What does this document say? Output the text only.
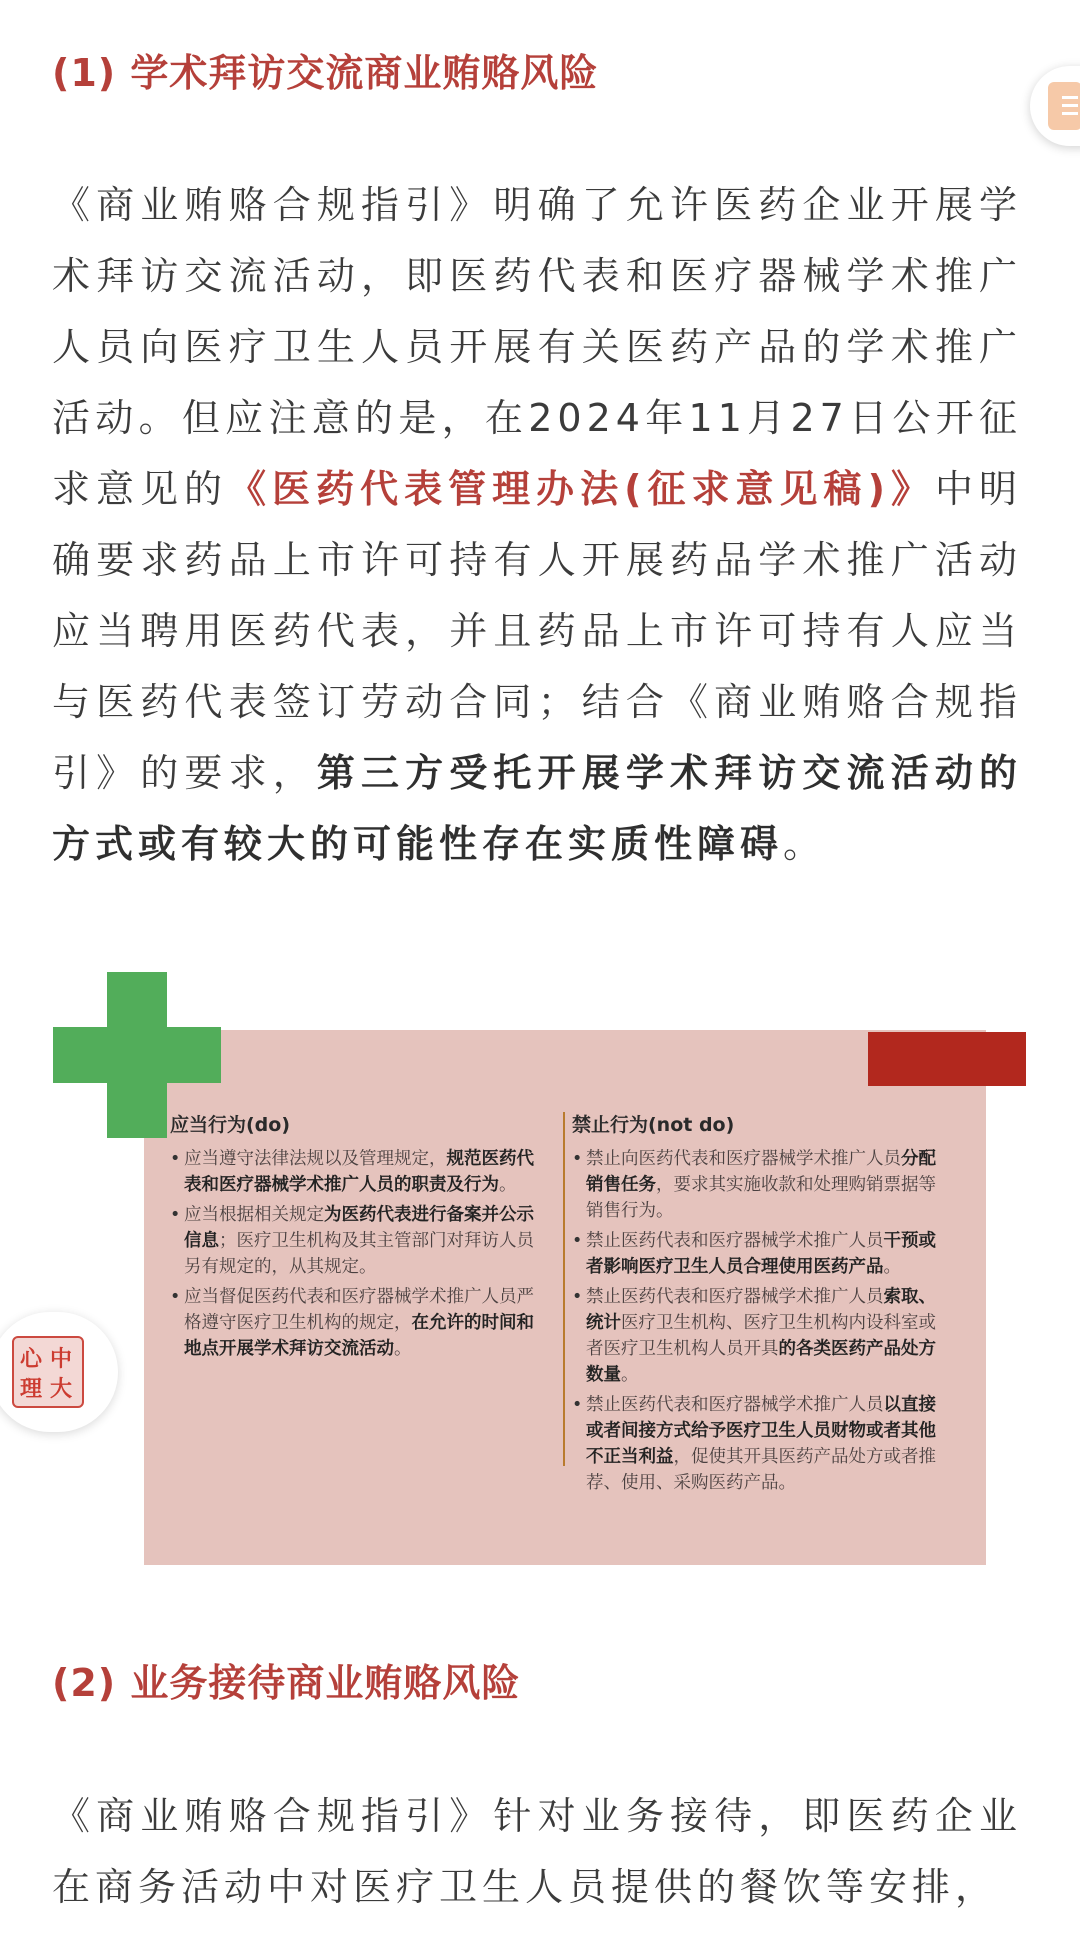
(1) 学术拜访交流商业贿赂风险
《商业贿赂合规指引》明确了允许医药企业开展学术拜访交流活动，即医药代表和医疗器械学术推广人员向医疗卫生人员开展有关医药产品的学术推广活动。但应注意的是，在2024年11月27日公开征求意见的《医药代表管理办法(征求意见稿)》中明确要求药品上市许可持有人开展药品学术推广活动应当聘用医药代表，并且药品上市许可持有人应当与医药代表签订劳动合同；结合《商业贿赂合规指引》的要求，第三方受托开展学术拜访交流活动的方式或有较大的可能性存在实质性障碍。
应当行为(do)
• 应当遵守法律法规以及管理规定，规范医药代表和医疗器械学术推广人员的职责及行为。
• 应当根据相关规定为医药代表进行备案并公示信息；医疗卫生机构及其主管部门对拜访人员另有规定的，从其规定。
• 应当督促医药代表和医疗器械学术推广人员严格遵守医疗卫生机构的规定，在允许的时间和地点开展学术拜访交流活动。
禁止行为(not do)
• 禁止向医药代表和医疗器械学术推广人员分配销售任务，要求其实施收款和处理购销票据等销售行为。
• 禁止医药代表和医疗器械学术推广人员干预或者影响医疗卫生人员合理使用医药产品。
• 禁止医药代表和医疗器械学术推广人员索取、统计医疗卫生机构、医疗卫生机构内设科室或者医疗卫生机构人员开具的各类医药产品处方数量。
• 禁止医药代表和医疗器械学术推广人员以直接或者间接方式给予医疗卫生人员财物或者其他不正当利益，促使其开具医药产品处方或者推荐、使用、采购医药产品。
中
大
理
心
(2) 业务接待商业贿赂风险
《商业贿赂合规指引》针对业务接待，即医药企业在商务活动中对医疗卫生人员提供的餐饮等安排，
